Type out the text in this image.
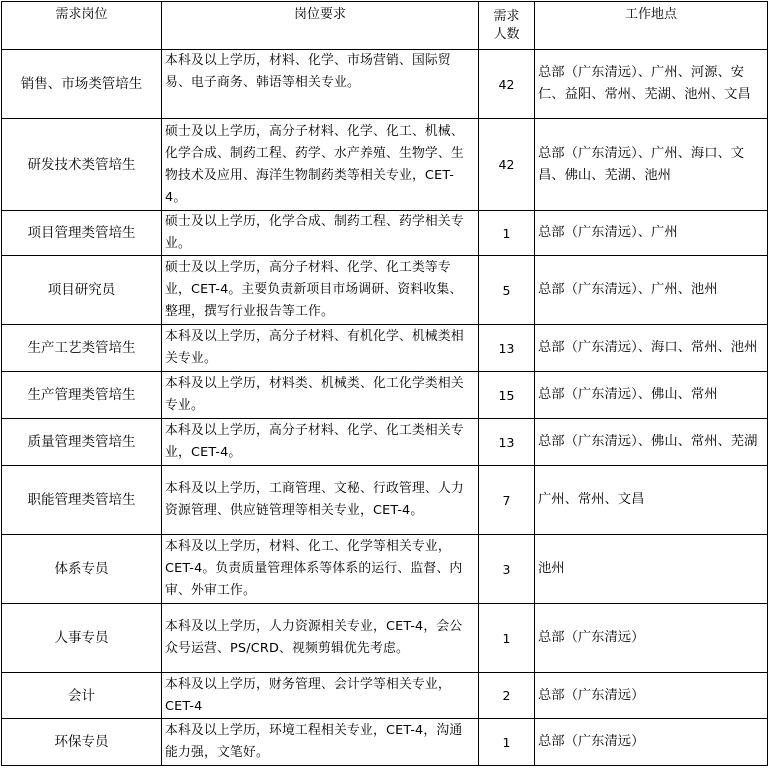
需求岗位	岗位要求	需求人数	工作地点
销售、市场类管培生	本科及以上学历，材料、化学、市场营销、国际贸易、电子商务、韩语等相关专业。	42	总部（广东清远）、广州、河源、安仁、益阳、常州、芜湖、池州、文昌
研发技术类管培生	硕士及以上学历，高分子材料、化学、化工、机械、化学合成、制药工程、药学、水产养殖、生物学、生物技术及应用、海洋生物制药类等相关专业，CET-4。	42	总部（广东清远）、广州、海口、文昌、佛山、芜湖、池州
项目管理类管培生	硕士及以上学历，化学合成、制药工程、药学相关专业。	1	总部（广东清远）、广州
项目研究员	硕士及以上学历，高分子材料、化学、化工类等专业，CET-4。主要负责新项目市场调研、资料收集、整理，撰写行业报告等工作。	5	总部（广东清远）、广州、池州
生产工艺类管培生	本科及以上学历，高分子材料、有机化学、机械类相关专业。	13	总部（广东清远）、海口、常州、池州
生产管理类管培生	本科及以上学历，材料类、机械类、化工化学类相关专业。	15	总部（广东清远）、佛山、常州
质量管理类管培生	本科及以上学历，高分子材料、化学、化工类相关专业，CET-4。	13	总部（广东清远）、佛山、常州、芜湖
职能管理类管培生	本科及以上学历，工商管理、文秘、行政管理、人力资源管理、供应链管理等相关专业，CET-4。	7	广州、常州、文昌
体系专员	本科及以上学历，材料、化工、化学等相关专业，CET-4。负责质量管理体系等体系的运行、监督、内审、外审工作。	3	池州
人事专员	本科及以上学历，人力资源相关专业，CET-4，会公众号运营、PS/CRD、视频剪辑优先考虑。	1	总部（广东清远）
会计	本科及以上学历，财务管理、会计学等相关专业，CET-4	2	总部（广东清远）
环保专员	本科及以上学历，环境工程相关专业，CET-4，沟通能力强，文笔好。	1	总部（广东清远）
